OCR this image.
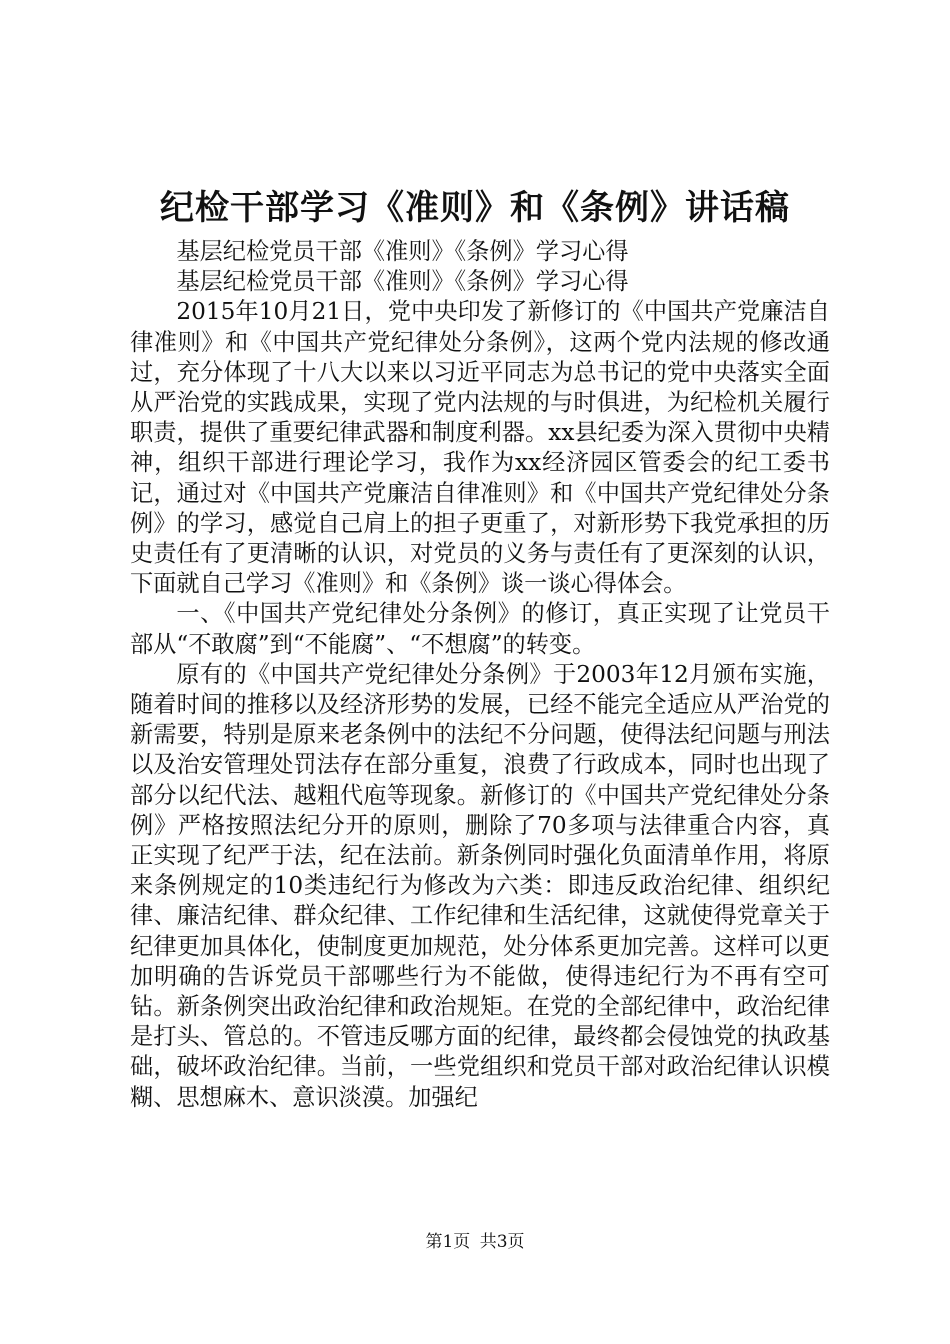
纪检干部学习《准则》和《条例》讲话稿

基层纪检党员干部《准则》《条例》学习心得

基层纪检党员干部《准则》《条例》学习心得

2015年10月21日，党中央印发了新修订的《中国共产党廉洁自律准则》和《中国共产党纪律处分条例》，这两个党内法规的修改通过，充分体现了十八大以来以习近平同志为总书记的党中央落实全面从严治党的实践成果，实现了党内法规的与时俱进，为纪检机关履行职责，提供了重要纪律武器和制度利器。xx县纪委为深入贯彻中央精神，组织干部进行理论学习，我作为xx经济园区管委会的纪工委书记，通过对《中国共产党廉洁自律准则》和《中国共产党纪律处分条例》的学习，感觉自己肩上的担子更重了，对新形势下我党承担的历史责任有了更清晰的认识，对党员的义务与责任有了更深刻的认识，下面就自己学习《准则》和《条例》谈一谈心得体会。

一、《中国共产党纪律处分条例》的修订，真正实现了让党员干部从“不敢腐”到“不能腐”、“不想腐”的转变。

原有的《中国共产党纪律处分条例》于2003年12月颁布实施，随着时间的推移以及经济形势的发展，已经不能完全适应从严治党的新需要，特别是原来老条例中的法纪不分问题，使得法纪问题与刑法以及治安管理处罚法存在部分重复，浪费了行政成本，同时也出现了部分以纪代法、越粗代庖等现象。新修订的《中国共产党纪律处分条例》严格按照法纪分开的原则，删除了70多项与法律重合内容，真正实现了纪严于法，纪在法前。新条例同时强化负面清单作用，将原来条例规定的10类违纪行为修改为六类：即违反政治纪律、组织纪律、廉洁纪律、群众纪律、工作纪律和生活纪律，这就使得党章关于纪律更加具体化，使制度更加规范，处分体系更加完善。这样可以更加明确的告诉党员干部哪些行为不能做，使得违纪行为不再有空可钻。新条例突出政治纪律和政治规矩。在党的全部纪律中，政治纪律是打头、管总的。不管违反哪方面的纪律，最终都会侵蚀党的执政基础，破坏政治纪律。当前，一些党组织和党员干部对政治纪律认识模糊、思想麻木、意识淡漠。加强纪

第1页 共3页
